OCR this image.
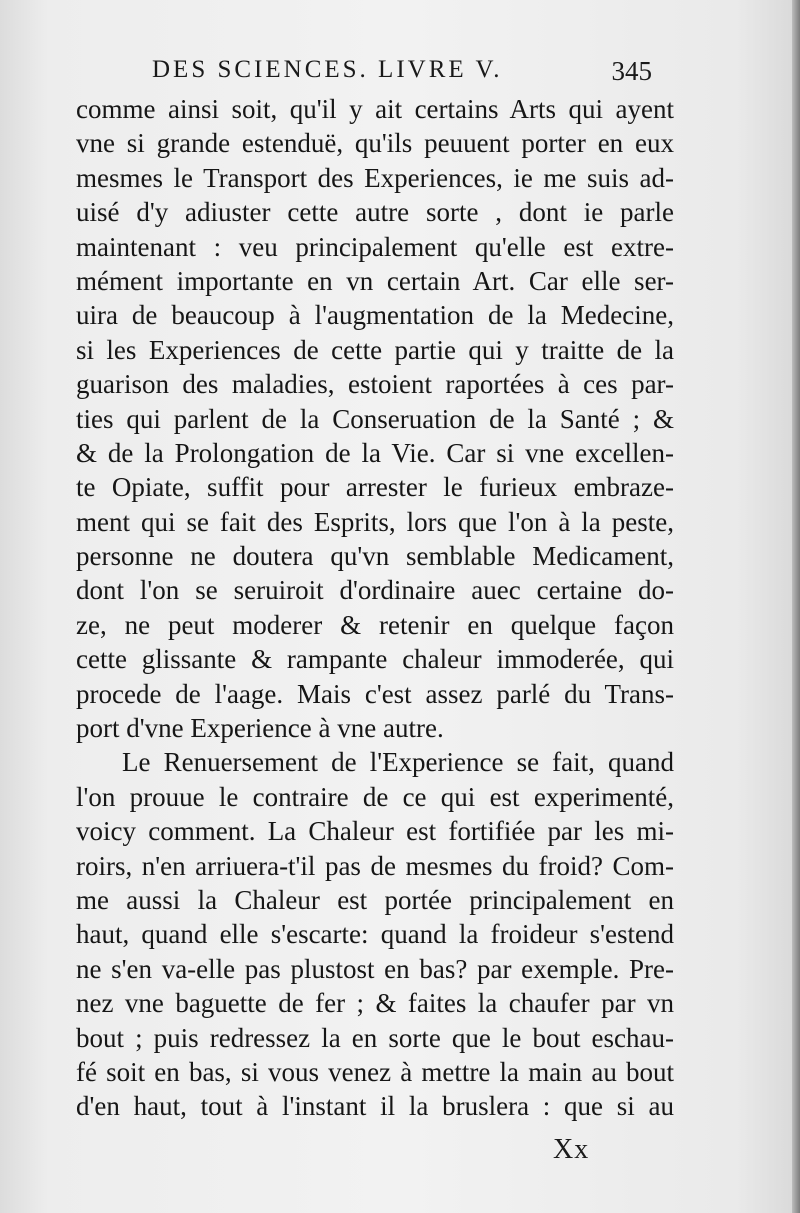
DES SCIENCES. LIVRE V.	345
comme ainsi soit, qu'il y ait certains Arts qui ayent
vne si grande estenduë, qu'ils peuuent porter en eux
mesmes le Transport des Experiences, ie me suis ad-
uisé d'y adiuster cette autre sorte , dont ie parle
maintenant : veu principalement qu'elle est extre-
mément importante en vn certain Art. Car elle ser-
uira de beaucoup à l'augmentation de la Medecine,
si les Experiences de cette partie qui y traitte de la
guarison des maladies, estoient raportées à ces par-
ties qui parlent de la Conseruation de la Santé ; &
& de la Prolongation de la Vie. Car si vne excellen-
te Opiate, suffit pour arrester le furieux embraze-
ment qui se fait des Esprits, lors que l'on à la peste,
personne ne doutera qu'vn semblable Medicament,
dont l'on se seruiroit d'ordinaire auec certaine do-
ze, ne peut moderer & retenir en quelque façon
cette glissante & rampante chaleur immoderée, qui
procede de l'aage. Mais c'est assez parlé du Trans-
port d'vne Experience à vne autre.
Le Renuersement de l'Experience se fait, quand
l'on prouue le contraire de ce qui est experimenté,
voicy comment. La Chaleur est fortifiée par les mi-
roirs, n'en arriuera-t'il pas de mesmes du froid? Com-
me aussi la Chaleur est portée principalement en
haut, quand elle s'escarte: quand la froideur s'estend
ne s'en va-elle pas plustost en bas? par exemple. Pre-
nez vne baguette de fer ; & faites la chaufer par vn
bout ; puis redressez la en sorte que le bout eschau-
fé soit en bas, si vous venez à mettre la main au bout
d'en haut, tout à l'instant il la bruslera : que si au
Xx
